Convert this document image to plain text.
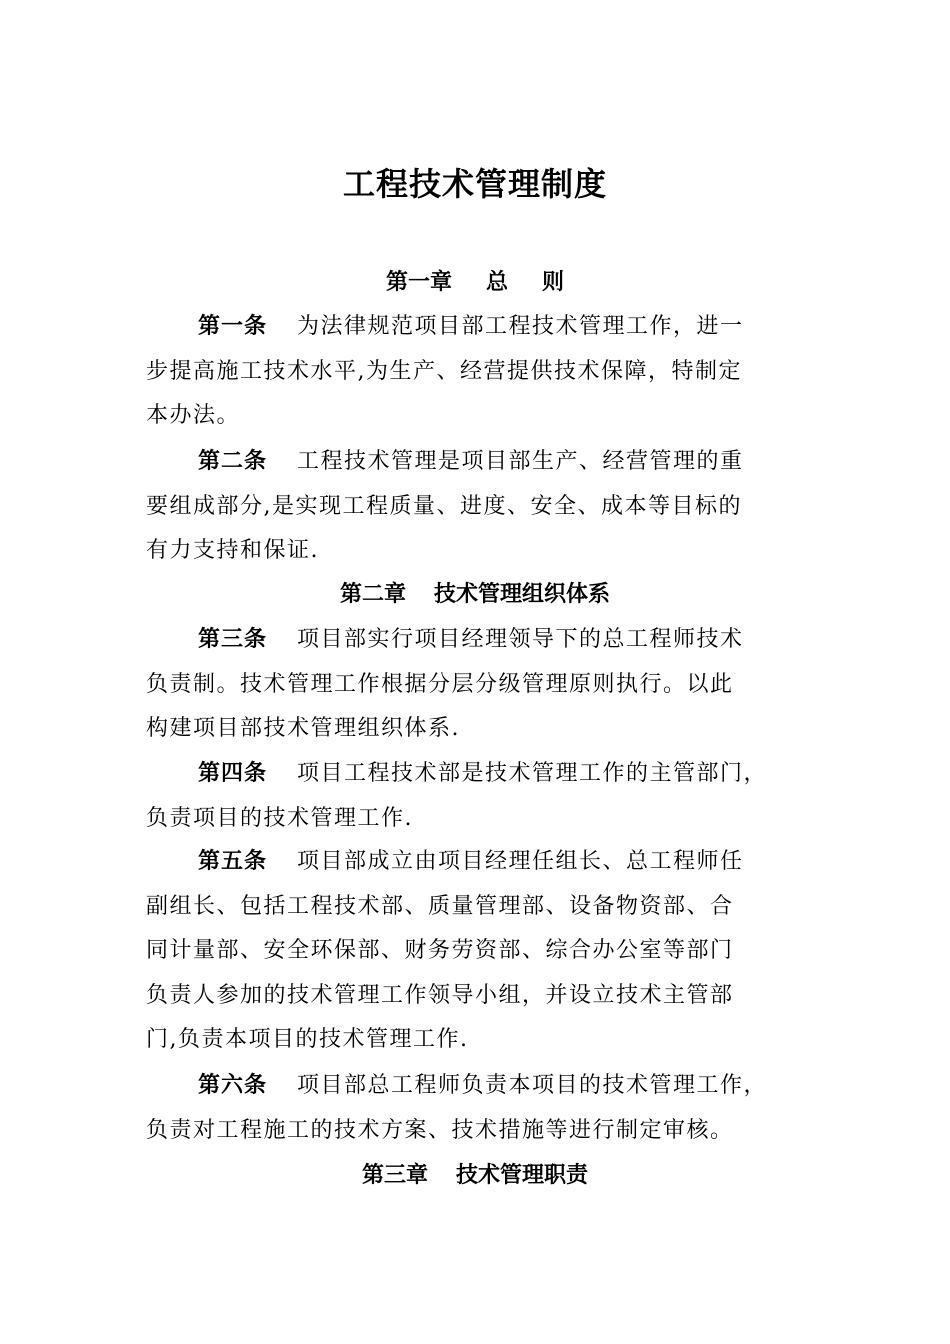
工程技术管理制度
第一章 总 则
第一条 为法律规范项目部工程技术管理工作，进一
步提高施工技术水平,为生产、经营提供技术保障，特制定
本办法。
第二条 工程技术管理是项目部生产、经营管理的重
要组成部分,是实现工程质量、进度、安全、成本等目标的
有力支持和保证.
第二章 技术管理组织体系
第三条 项目部实行项目经理领导下的总工程师技术
负责制。技术管理工作根据分层分级管理原则执行。以此
构建项目部技术管理组织体系.
第四条 项目工程技术部是技术管理工作的主管部门，
负责项目的技术管理工作.
第五条 项目部成立由项目经理任组长、总工程师任
副组长、包括工程技术部、质量管理部、设备物资部、合
同计量部、安全环保部、财务劳资部、综合办公室等部门
负责人参加的技术管理工作领导小组，并设立技术主管部
门,负责本项目的技术管理工作.
第六条 项目部总工程师负责本项目的技术管理工作，
负责对工程施工的技术方案、技术措施等进行制定审核。
第三章 技术管理职责
